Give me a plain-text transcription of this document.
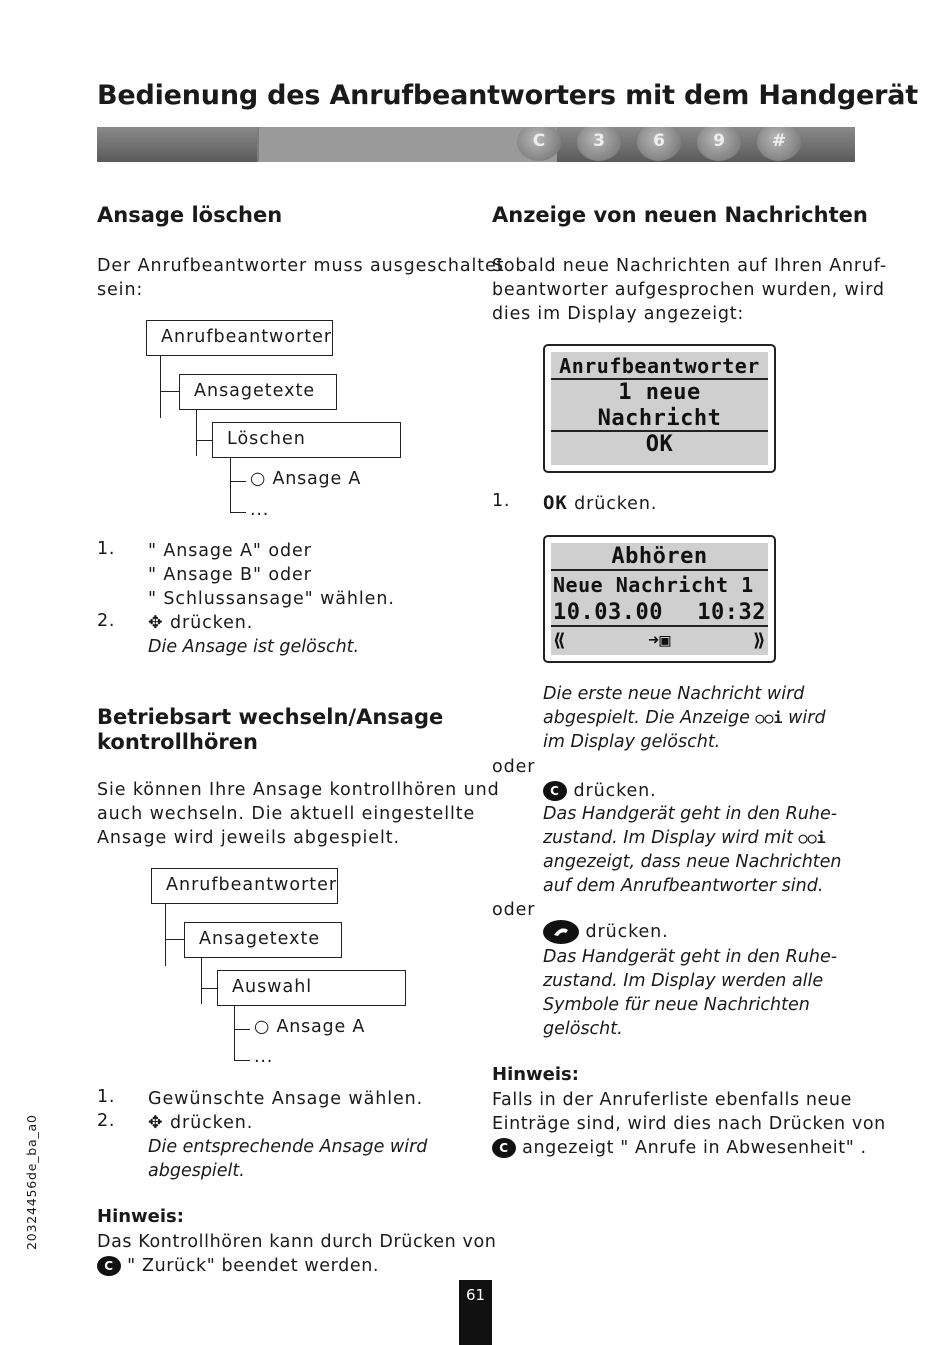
Bedienung des Anrufbeantworters mit dem Handgerät
C	3	6	9	#
Ansage löschen
Der Anrufbeantworter muss ausgeschaltet
sein:
Anrufbeantworter
Ansagetexte
Löschen
○ Ansage A
...
1. " Ansage A" oder
" Ansage B" oder
" Schlussansage" wählen.
2. ✥ drücken.
Die Ansage ist gelöscht.
Betriebsart wechseln/Ansage
kontrollhören
Sie können Ihre Ansage kontrollhören und
auch wechseln. Die aktuell eingestellte
Ansage wird jeweils abgespielt.
Anrufbeantworter
Ansagetexte
Auswahl
○ Ansage A
...
1. Gewünschte Ansage wählen.
2. ✥ drücken.
Die entsprechende Ansage wird
abgespielt.
Hinweis:
Das Kontrollhören kann durch Drücken von
C " Zurück" beendet werden.
Anzeige von neuen Nachrichten
Sobald neue Nachrichten auf Ihren Anruf-
beantworter aufgesprochen wurden, wird
dies im Display angezeigt:
Anrufbeantworter
1 neue
Nachricht
OK
1. OK drücken.
Abhören
Neue Nachricht 1
10.03.00 10:32
⟪	➜▣	⟫
Die erste neue Nachricht wird
abgespielt. Die Anzeige ○○i wird
im Display gelöscht.
oder
C drücken.
Das Handgerät geht in den Ruhe-
zustand. Im Display wird mit ○○i
angezeigt, dass neue Nachrichten
auf dem Anrufbeantworter sind.
oder
drücken.
Das Handgerät geht in den Ruhe-
zustand. Im Display werden alle
Symbole für neue Nachrichten
gelöscht.
Hinweis:
Falls in der Anruferliste ebenfalls neue
Einträge sind, wird dies nach Drücken von
C angezeigt " Anrufe in Abwesenheit" .
20324456de_ba_a0
61
